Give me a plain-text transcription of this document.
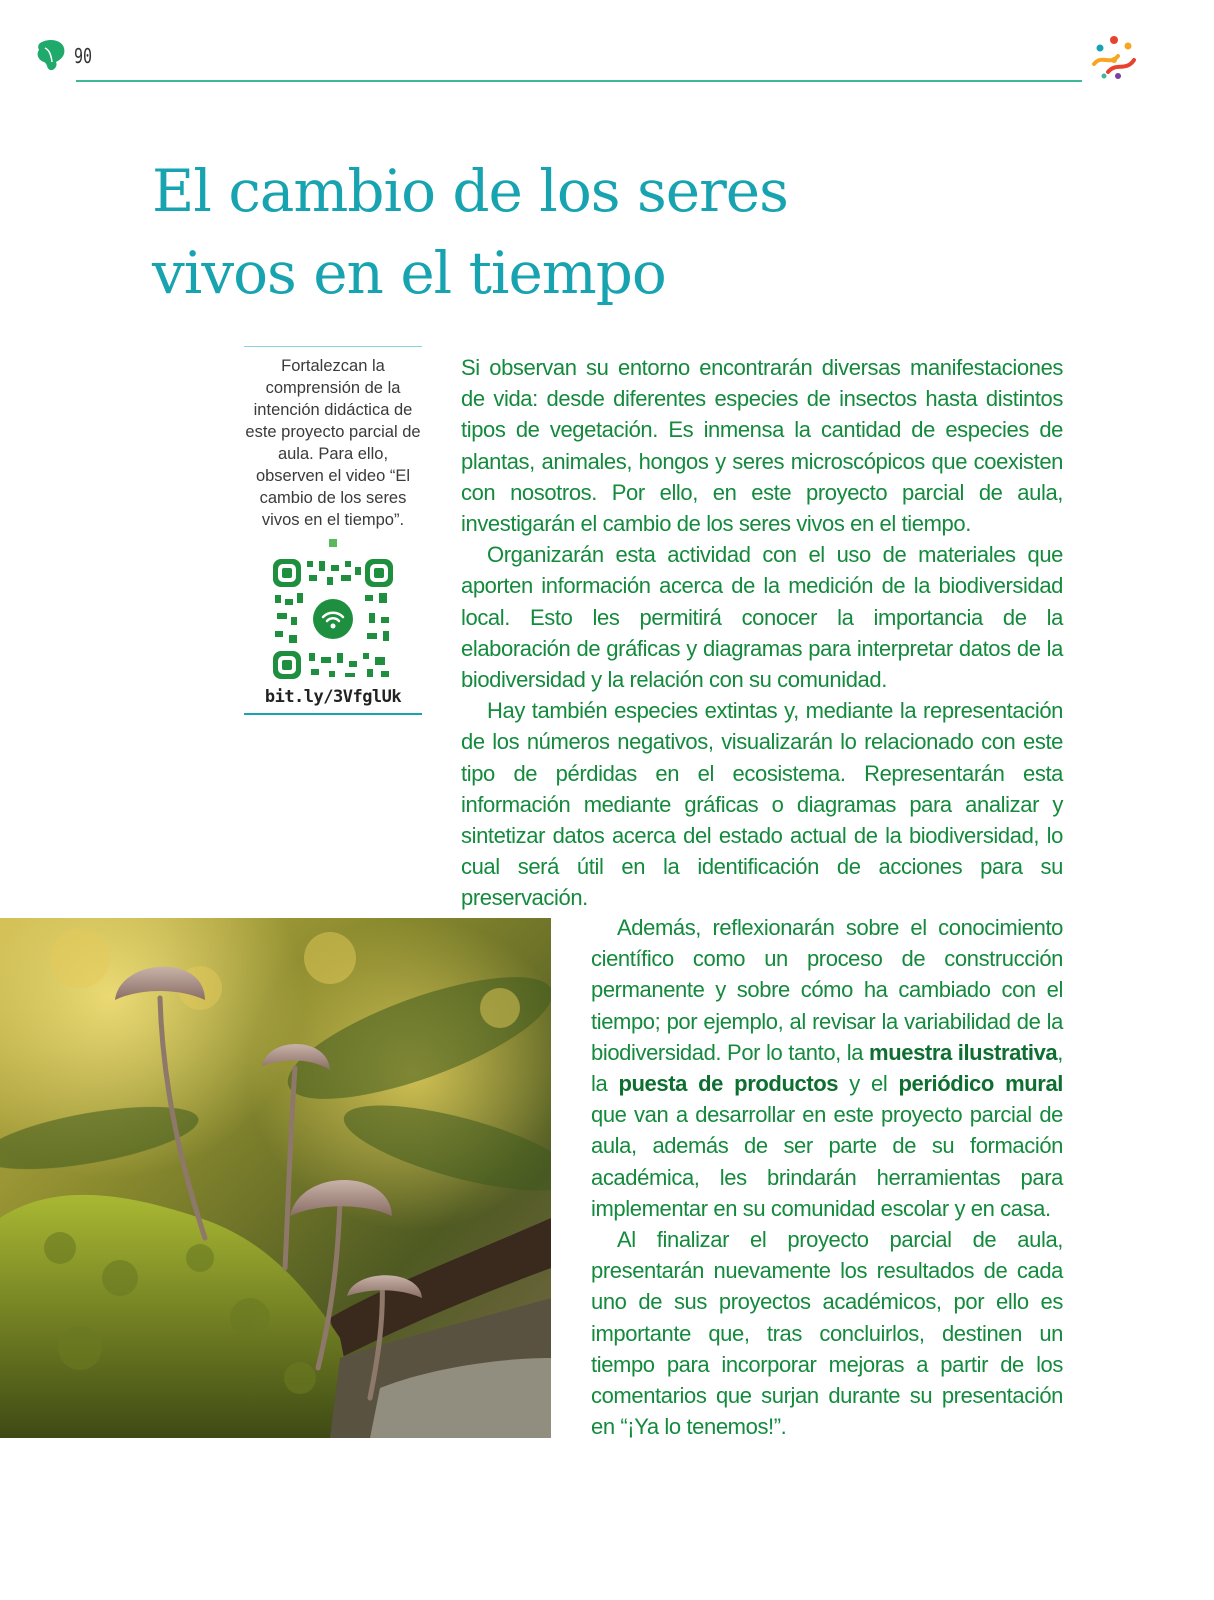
90
El cambio de los seres
vivos en el tiempo
Fortalezcan la comprensión de la intención didáctica de este proyecto parcial de aula. Para ello, observen el video “El cambio de los seres vivos en el tiempo”.
bit.ly/3VfglUk

Si observan su entorno encontrarán diversas manifestaciones de vida: desde diferentes especies de insectos hasta distintos tipos de vegetación. Es inmensa la cantidad de especies de plantas, animales, hongos y seres microscópicos que coexisten con nosotros. Por ello, en este proyecto parcial de aula, investigarán el cambio de los seres vivos en el tiempo.

Organizarán esta actividad con el uso de materiales que aporten información acerca de la medición de la biodiversidad local. Esto les permitirá conocer la importancia de la elaboración de gráficas y diagramas para interpretar datos de la biodiversidad y la relación con su comunidad.

Hay también especies extintas y, mediante la representación de los números negativos, visualizarán lo relacionado con este tipo de pérdidas en el ecosistema. Representarán esta información mediante gráficas o diagramas para analizar y sintetizar datos acerca del estado actual de la biodiversidad, lo cual será útil en la identificación de acciones para su preservación.

Además, reflexionarán sobre el conocimiento científico como un proceso de construcción permanente y sobre cómo ha cambiado con el tiempo; por ejemplo, al revisar la variabilidad de la biodiversidad. Por lo tanto, la muestra ilustrativa, la puesta de productos y el periódico mural que van a desarrollar en este proyecto parcial de aula, además de ser parte de su formación académica, les brindarán herramientas para implementar en su comunidad escolar y en casa.

Al finalizar el proyecto parcial de aula, presentarán nuevamente los resultados de cada uno de sus proyectos académicos, por ello es importante que, tras concluirlos, destinen un tiempo para incorporar mejoras a partir de los comentarios que surjan durante su presentación en “¡Ya lo tenemos!”.
